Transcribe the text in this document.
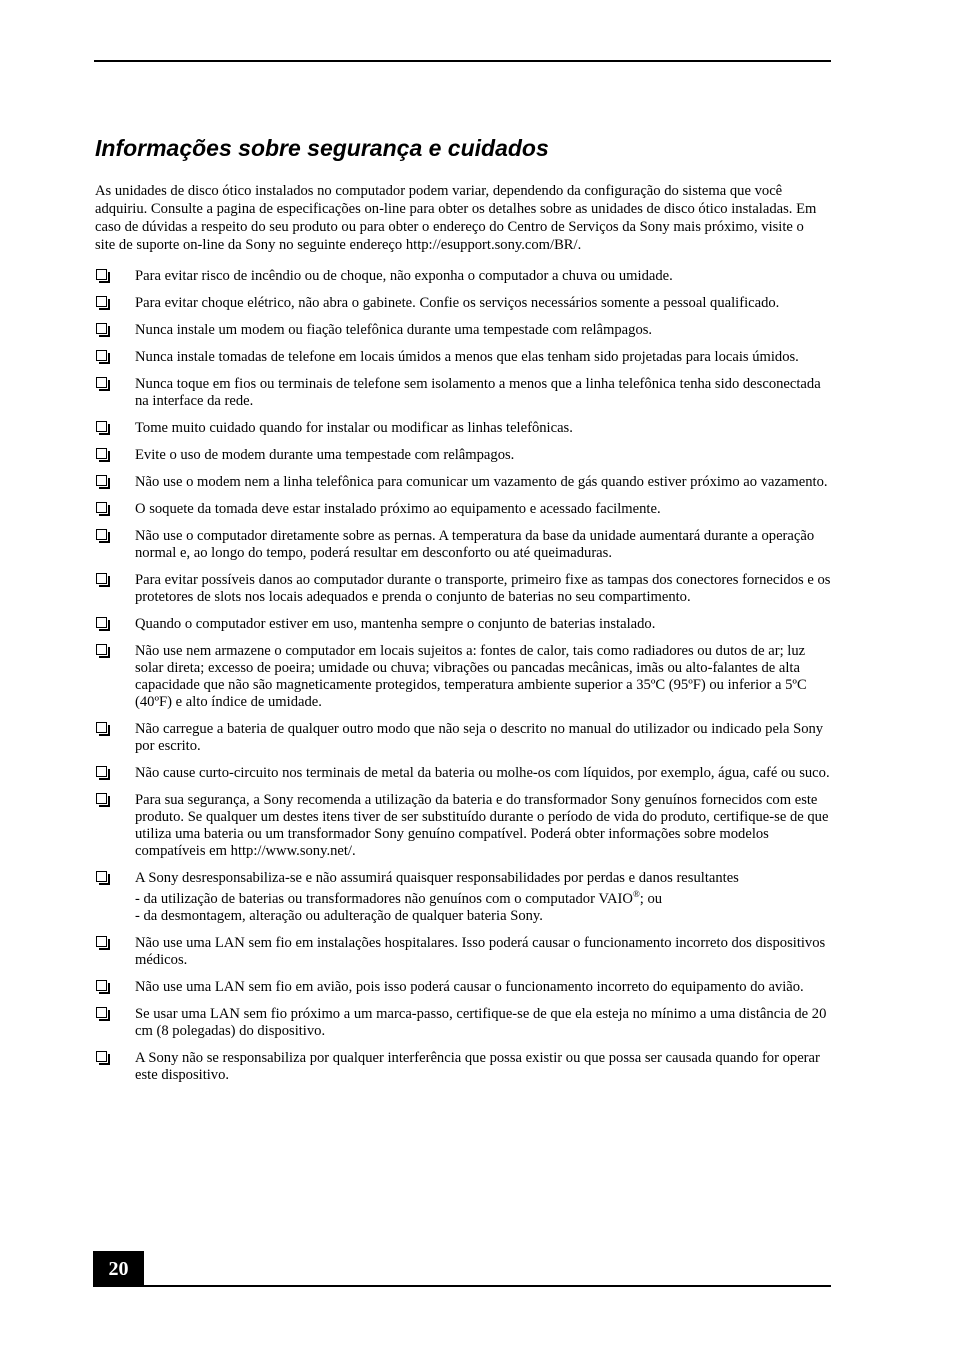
Informações sobre segurança e cuidados

As unidades de disco ótico instalados no computador podem variar, dependendo da configuração do sistema que você adquiriu. Consulte a pagina de especificações on-line para obter os detalhes sobre as unidades de disco ótico instaladas. Em caso de dúvidas a respeito do seu produto ou para obter o endereço do Centro de Serviços da Sony mais próximo, visite o site de suporte on-line da Sony no seguinte endereço http://esupport.sony.com/BR/.

Para evitar risco de incêndio ou de choque, não exponha o computador a chuva ou umidade.
Para evitar choque elétrico, não abra o gabinete. Confie os serviços necessários somente a pessoal qualificado.
Nunca instale um modem ou fiação telefônica durante uma tempestade com relâmpagos.
Nunca instale tomadas de telefone em locais úmidos a menos que elas tenham sido projetadas para locais úmidos.
Nunca toque em fios ou terminais de telefone sem isolamento a menos que a linha telefônica tenha sido desconectada na interface da rede.
Tome muito cuidado quando for instalar ou modificar as linhas telefônicas.
Evite o uso de modem durante uma tempestade com relâmpagos.
Não use o modem nem a linha telefônica para comunicar um vazamento de gás quando estiver próximo ao vazamento.
O soquete da tomada deve estar instalado próximo ao equipamento e acessado facilmente.
Não use o computador diretamente sobre as pernas. A temperatura da base da unidade aumentará durante a operação normal e, ao longo do tempo, poderá resultar em desconforto ou até queimaduras.
Para evitar possíveis danos ao computador durante o transporte, primeiro fixe as tampas dos conectores fornecidos e os protetores de slots nos locais adequados e prenda o conjunto de baterias no seu compartimento.
Quando o computador estiver em uso, mantenha sempre o conjunto de baterias instalado.
Não use nem armazene o computador em locais sujeitos a: fontes de calor, tais como radiadores ou dutos de ar; luz solar direta; excesso de poeira; umidade ou chuva; vibrações ou pancadas mecânicas, imãs ou alto-falantes de alta capacidade que não são magneticamente protegidos, temperatura ambiente superior a 35ºC (95ºF) ou inferior a 5ºC (40ºF) e alto índice de umidade.
Não carregue a bateria de qualquer outro modo que não seja o descrito no manual do utilizador ou indicado pela Sony por escrito.
Não cause curto-circuito nos terminais de metal da bateria ou molhe-os com líquidos, por exemplo, água, café ou suco.
Para sua segurança, a Sony recomenda a utilização da bateria e do transformador Sony genuínos fornecidos com este produto. Se qualquer um destes itens tiver de ser substituído durante o período de vida do produto, certifique-se de que utiliza uma bateria ou um transformador Sony genuíno compatível. Poderá obter informações sobre modelos compatíveis em http://www.sony.net/.
A Sony desresponsabiliza-se e não assumirá quaisquer responsabilidades por perdas e danos resultantes
- da utilização de baterias ou transformadores não genuínos com o computador VAIO®; ou
- da desmontagem, alteração ou adulteração de qualquer bateria Sony.
Não use uma LAN sem fio em instalações hospitalares. Isso poderá causar o funcionamento incorreto dos dispositivos médicos.
Não use uma LAN sem fio em avião, pois isso poderá causar o funcionamento incorreto do equipamento do avião.
Se usar uma LAN sem fio próximo a um marca-passo, certifique-se de que ela esteja no mínimo a uma distância de 20 cm (8 polegadas) do dispositivo.
A Sony não se responsabiliza por qualquer interferência que possa existir ou que possa ser causada quando for operar este dispositivo.
20
